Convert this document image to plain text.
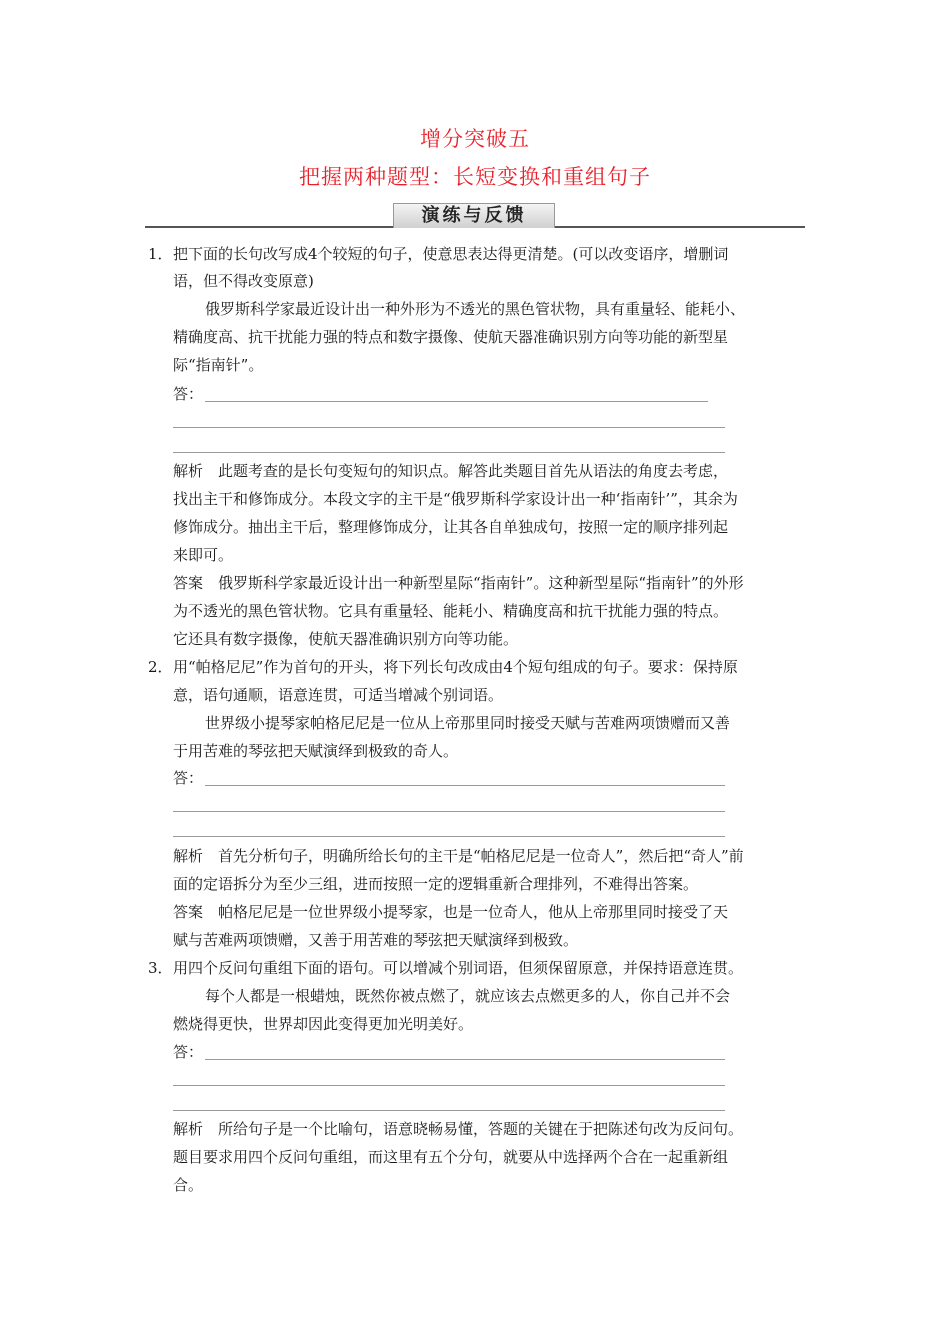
增分突破五
把握两种题型：长短变换和重组句子
演练与反馈
1． 把下面的长句改写成4个较短的句子，使意思表达得更清楚。(可以改变语序，增删词
语，但不得改变原意)
俄罗斯科学家最近设计出一种外形为不透光的黑色管状物，具有重量轻、能耗小、
精确度高、抗干扰能力强的特点和数字摄像、使航天器准确识别方向等功能的新型星
际“指南针”。
答：
解析　此题考查的是长句变短句的知识点。解答此类题目首先从语法的角度去考虑，
找出主干和修饰成分。本段文字的主干是“俄罗斯科学家设计出一种‘指南针’”，其余为
修饰成分。抽出主干后，整理修饰成分，让其各自单独成句，按照一定的顺序排列起
来即可。
答案　俄罗斯科学家最近设计出一种新型星际“指南针”。这种新型星际“指南针”的外形
为不透光的黑色管状物。它具有重量轻、能耗小、精确度高和抗干扰能力强的特点。
它还具有数字摄像，使航天器准确识别方向等功能。
2． 用“帕格尼尼”作为首句的开头，将下列长句改成由4个短句组成的句子。要求：保持原
意，语句通顺，语意连贯，可适当增减个别词语。
世界级小提琴家帕格尼尼是一位从上帝那里同时接受天赋与苦难两项馈赠而又善
于用苦难的琴弦把天赋演绎到极致的奇人。
答：
解析　首先分析句子，明确所给长句的主干是“帕格尼尼是一位奇人”，然后把“奇人”前
面的定语拆分为至少三组，进而按照一定的逻辑重新合理排列，不难得出答案。
答案　帕格尼尼是一位世界级小提琴家，也是一位奇人，他从上帝那里同时接受了天
赋与苦难两项馈赠，又善于用苦难的琴弦把天赋演绎到极致。
3． 用四个反问句重组下面的语句。可以增减个别词语，但须保留原意，并保持语意连贯。
每个人都是一根蜡烛，既然你被点燃了，就应该去点燃更多的人，你自己并不会
燃烧得更快，世界却因此变得更加光明美好。
答：
解析　所给句子是一个比喻句，语意晓畅易懂，答题的关键在于把陈述句改为反问句。
题目要求用四个反问句重组，而这里有五个分句，就要从中选择两个合在一起重新组
合。
